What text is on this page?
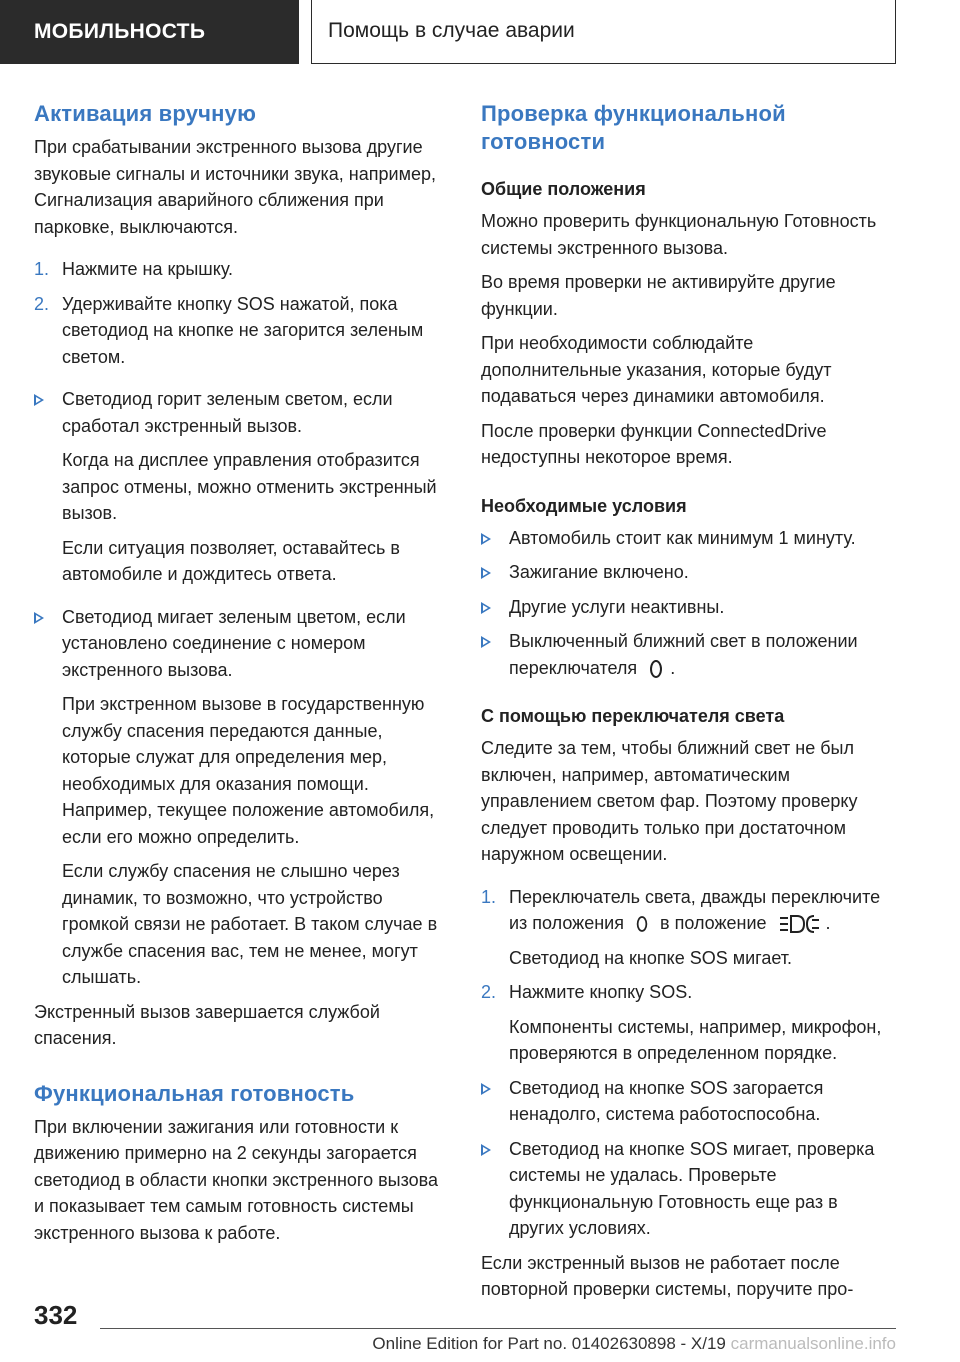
МОБИЛЬНОСТЬ	Помощь в случае аварии
Активация вручную

При срабатывании экстренного вызова другие звуковые сигналы и источники звука, например, Сигнализация аварийного сближения при парковке, выключаются.

1. Нажмите на крышку.
2. Удерживайте кнопку SOS нажатой, пока светодиод на кнопке не загорится зеленым светом.
Светодиод горит зеленым светом, если сработал экстренный вызов.

Когда на дисплее управления отобразится запрос отмены, можно отменить экстренный вызов.

Если ситуация позволяет, оставайтесь в автомобиле и дождитесь ответа.

Светодиод мигает зеленым цветом, если установлено соединение с номером экстренного вызова.

При экстренном вызове в государственную службу спасения передаются данные, которые служат для определения мер, необходимых для оказания помощи. Например, текущее положение автомобиля, если его можно определить.

Если службу спасения не слышно через динамик, то возможно, что устройство громкой связи не работает. В таком случае в службе спасения вас, тем не менее, могут слышать.

Экстренный вызов завершается службой спасения.

Функциональная готовность

При включении зажигания или готовности к движению примерно на 2 секунды загорается светодиод в области кнопки экстренного вызова и показывает тем самым готовность системы экстренного вызова к работе.

Проверка функциональной готовности
Общие положения

Можно проверить функциональную Готовность системы экстренного вызова.

Во время проверки не активируйте другие функции.

При необходимости соблюдайте дополнительные указания, которые будут подаваться через динамики автомобиля.

После проверки функции ConnectedDrive недоступны некоторое время.

Необходимые условия
Автомобиль стоит как минимум 1 минуту.
Зажигание включено.
Другие услуги неактивны.
Выключенный ближний свет в положении переключателя .
С помощью переключателя света

Следите за тем, чтобы ближний свет не был включен, например, автоматическим управлением светом фар. Поэтому проверку следует проводить только при достаточном наружном освещении.

1. Переключатель света, дважды переключите из положения в положение	.

Светодиод на кнопке SOS мигает.

2. Нажмите кнопку SOS.

Компоненты системы, например, микрофон, проверяются в определенном порядке.

Светодиод на кнопке SOS загорается ненадолго, система работоспособна.
Светодиод на кнопке SOS мигает, проверка системы не удалась. Проверьте функциональную Готовность еще раз в других условиях.

Если экстренный вызов не работает после повторной проверки системы, поручите про-

332
Online Edition for Part no. 01402630898 - X/19 carmanualsonline.info
